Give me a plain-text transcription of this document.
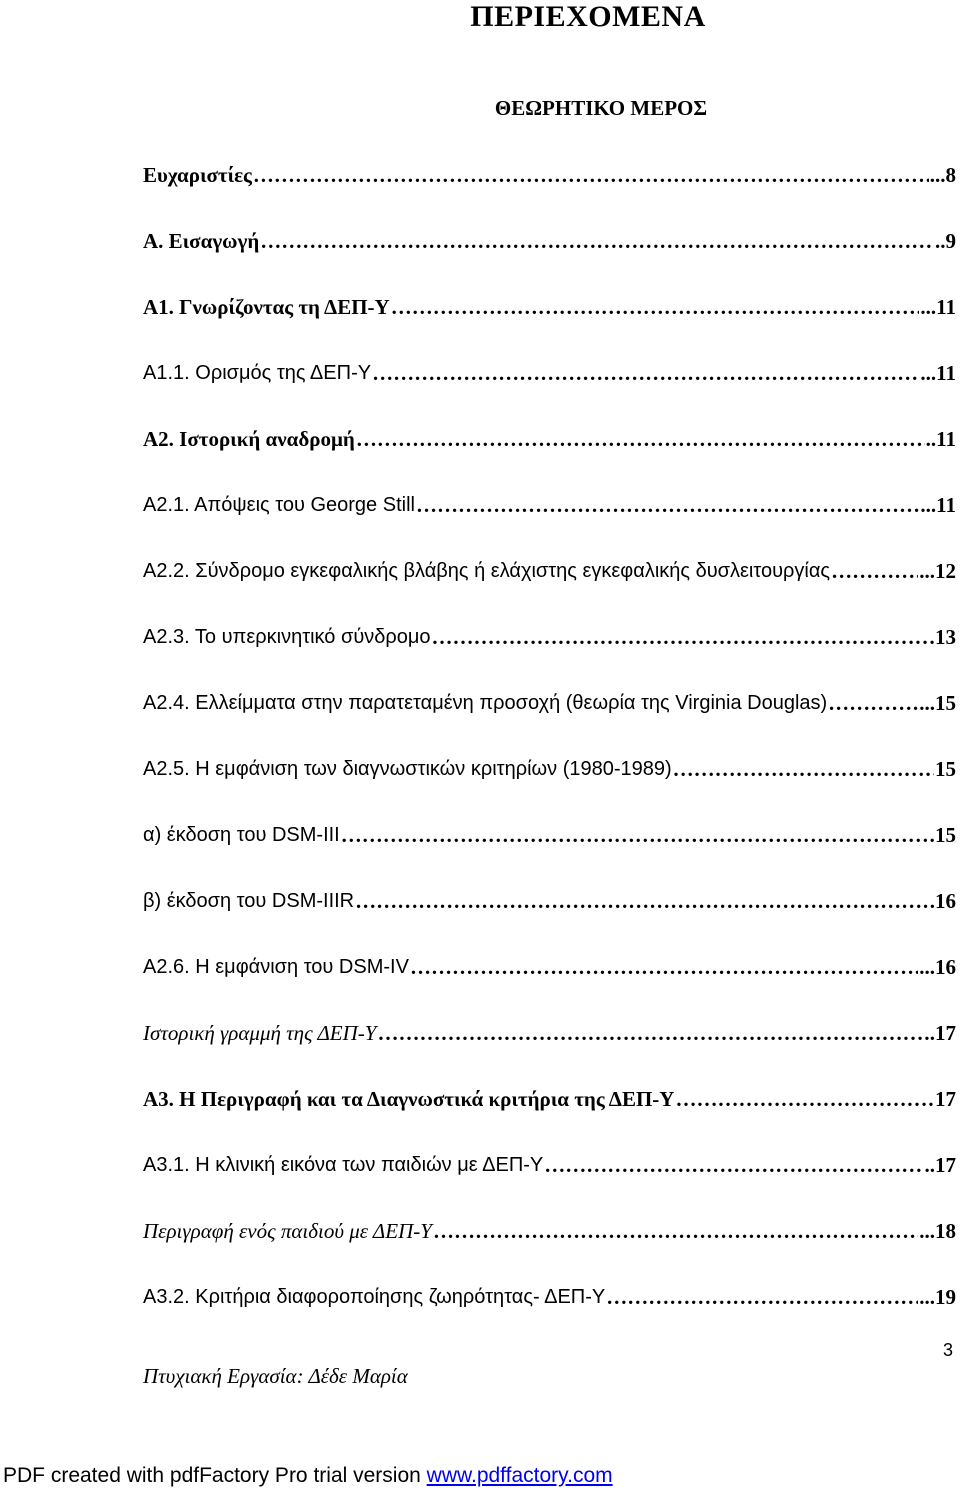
ΠΕΡΙΕΧΟΜΕΝΑ
ΘΕΩΡΗΤΙΚΟ ΜΕΡΟΣ
Ευχαριστίες ……………………………………………………………………………………………………………………………………………………………	...8
Α. Εισαγωγή ……………………………………………………………………………………………………………………………………………………………	..9
Α1. Γνωρίζοντας τη ΔΕΠ-Υ ……………………………………………………………………………………………………………………………………………………………	...11
Α1.1. Ορισμός της ΔΕΠ-Υ ……………………………………………………………………………………………………………………………………………………………	...11
Α2. Ιστορική αναδρομή ……………………………………………………………………………………………………………………………………………………………	..11
Α2.1. Απόψεις του George Still ……………………………………………………………………………………………………………………………………………………………	...11
Α2.2. Σύνδρομο εγκεφαλικής βλάβης ή ελάχιστης εγκεφαλικής δυσλειτουργίας ……………………………………………………………………………………………………………………………………………………………	...12
Α2.3. Το υπερκινητικό σύνδρομο ……………………………………………………………………………………………………………………………………………………………	13
Α2.4. Ελλείμματα στην παρατεταμένη προσοχή (θεωρία της Virginia Douglas) ……………………………………………………………………………………………………………………………………………………………	...15
Α2.5. Η εμφάνιση των διαγνωστικών κριτηρίων (1980-1989) ……………………………………………………………………………………………………………………………………………………………	15
α) έκδοση του DSM-III ……………………………………………………………………………………………………………………………………………………………	15
β) έκδοση του DSM-IIIR ……………………………………………………………………………………………………………………………………………………………	.16
Α2.6. Η εμφάνιση του DSM-IV ……………………………………………………………………………………………………………………………………………………………	...16
Ιστορική γραμμή της ΔΕΠ-Υ ……………………………………………………………………………………………………………………………………………………………	.17
Α3. Η Περιγραφή και τα Διαγνωστικά κριτήρια της ΔΕΠ-Υ ……………………………………………………………………………………………………………………………………………………………	17
Α3.1. Η κλινική εικόνα των παιδιών με ΔΕΠ-Υ ……………………………………………………………………………………………………………………………………………………………	..17
Περιγραφή ενός παιδιού με ΔΕΠ-Υ ……………………………………………………………………………………………………………………………………………………………	...18
Α3.2. Κριτήρια διαφοροποίησης ζωηρότητας- ΔΕΠ-Υ ……………………………………………………………………………………………………………………………………………………………	...19
Πτυχιακή Εργασία: Δέδε Μαρία
3
PDF created with pdfFactory Pro trial version www.pdffactory.com
